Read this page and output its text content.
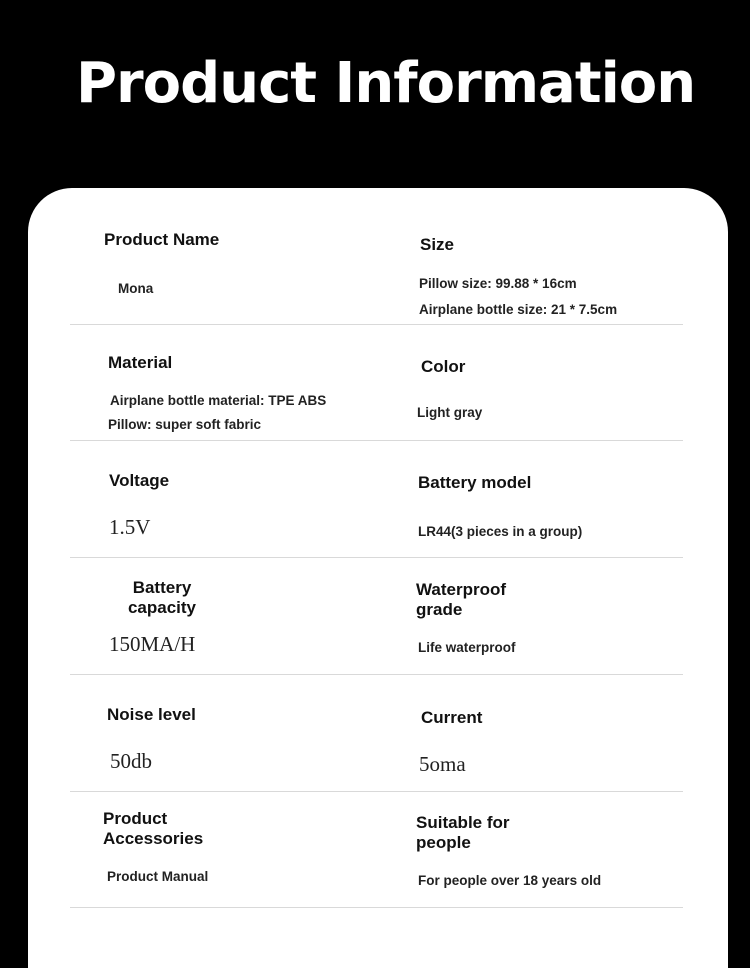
Product Information
Product Name
Mona
Size
Pillow size: 99.88 * 16cm
Airplane bottle size: 21 * 7.5cm
Material
Airplane bottle material: TPE ABS
Pillow: super soft fabric
Color
Light gray
Voltage
1.5V
Battery model
LR44(3 pieces in a group)
Battery
capacity
150MA/H
Waterproof
grade
Life waterproof
Noise level
50db
Current
5oma
Product
Accessories
Product Manual
Suitable for
people
For people over 18 years old
